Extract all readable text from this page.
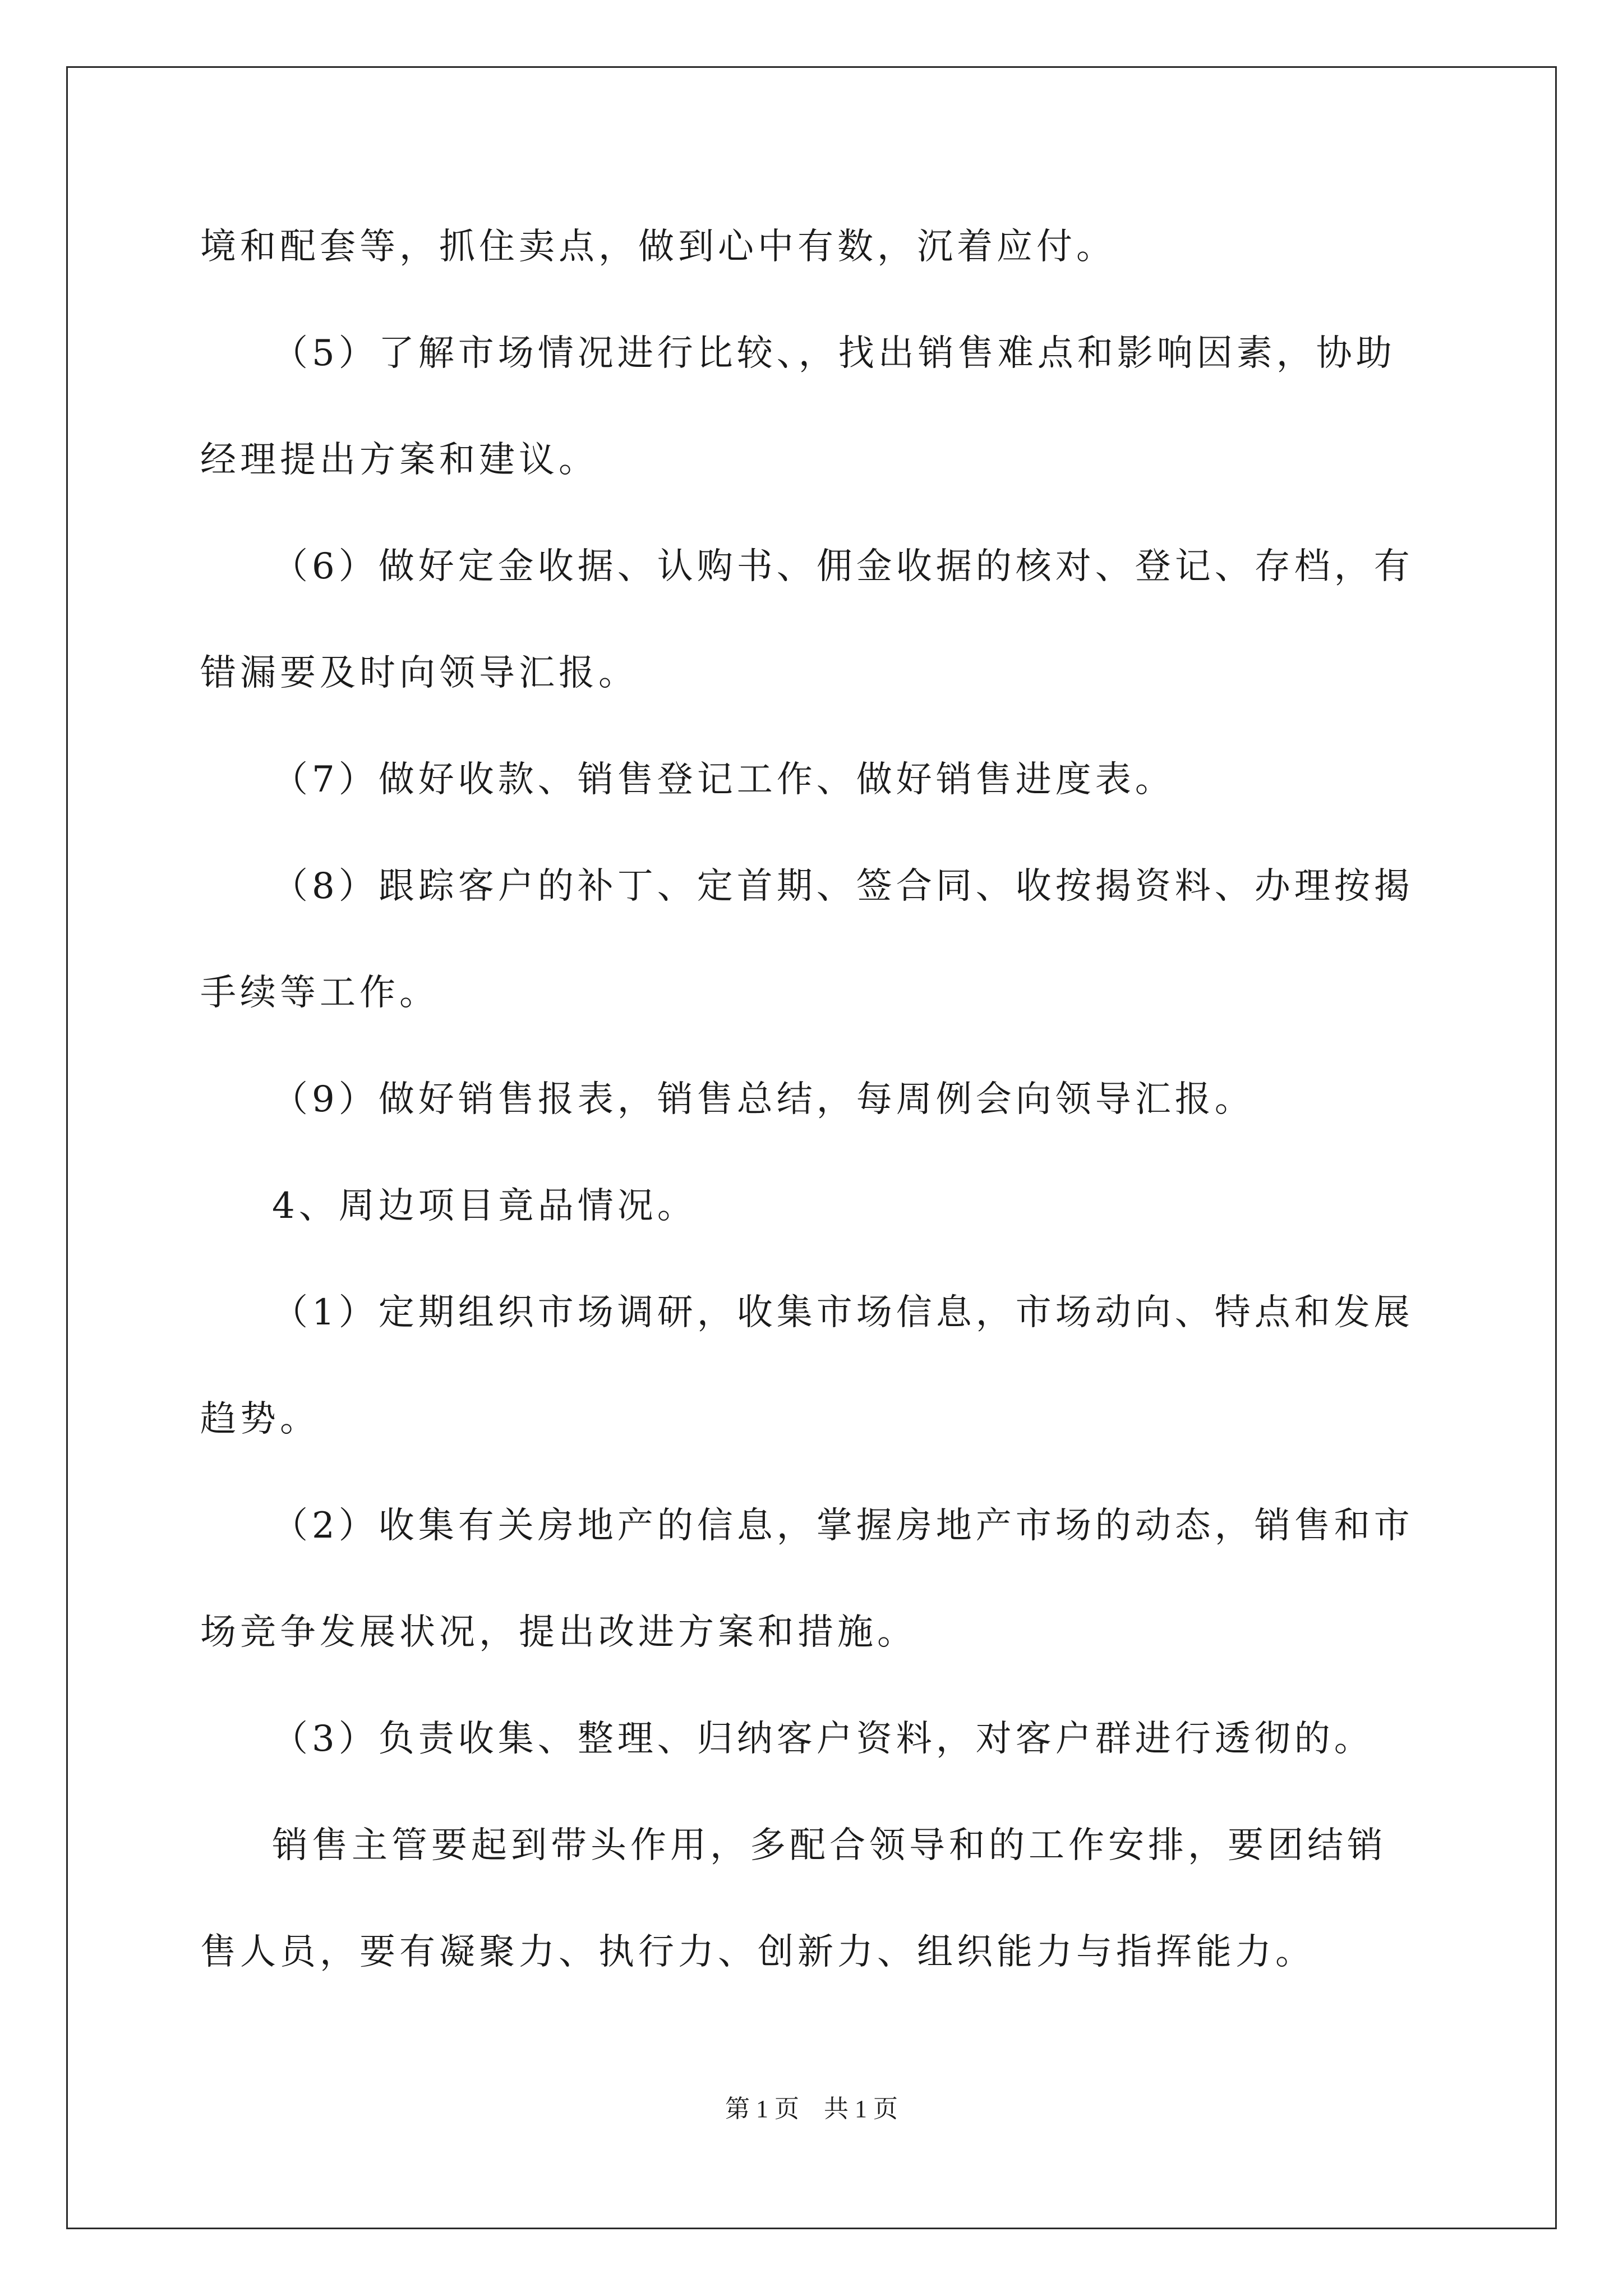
境和配套等，抓住卖点，做到心中有数，沉着应付。
（5）了解市场情况进行比较、，找出销售难点和影响因素，协助
经理提出方案和建议。
（6）做好定金收据、认购书、佣金收据的核对、登记、存档，有
错漏要及时向领导汇报。
（7）做好收款、销售登记工作、做好销售进度表。
（8）跟踪客户的补丁、定首期、签合同、收按揭资料、办理按揭
手续等工作。
（9）做好销售报表，销售总结，每周例会向领导汇报。
4、周边项目竟品情况。
（1）定期组织市场调研，收集市场信息，市场动向、特点和发展
趋势。
（2）收集有关房地产的信息，掌握房地产市场的动态，销售和市
场竞争发展状况，提出改进方案和措施。
（3）负责收集、整理、归纳客户资料，对客户群进行透彻的。
销售主管要起到带头作用，多配合领导和的工作安排，要团结销
售人员，要有凝聚力、执行力、创新力、组织能力与指挥能力。
第 1 页 共 1 页
